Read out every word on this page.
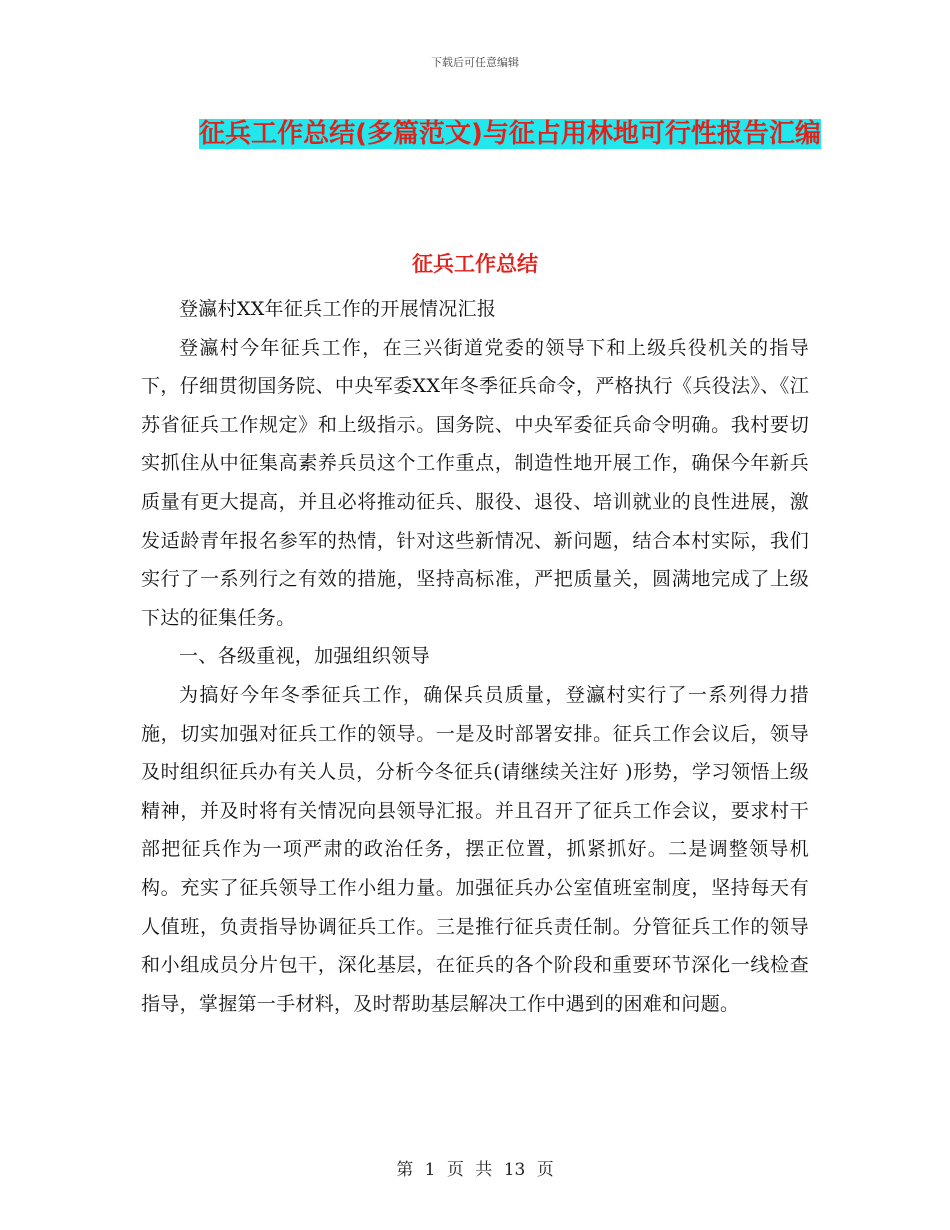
下载后可任意编辑
征兵工作总结(多篇范文)与征占用林地可行性报告汇编
征兵工作总结

登瀛村XX年征兵工作的开展情况汇报

登瀛村今年征兵工作，在三兴街道党委的领导下和上级兵役机关的指导下，仔细贯彻国务院、中央军委XX年冬季征兵命令，严格执行《兵役法》、《江苏省征兵工作规定》和上级指示。国务院、中央军委征兵命令明确。我村要切实抓住从中征集高素养兵员这个工作重点，制造性地开展工作，确保今年新兵质量有更大提高，并且必将推动征兵、服役、退役、培训就业的良性进展，激发适龄青年报名参军的热情，针对这些新情况、新问题，结合本村实际，我们实行了一系列行之有效的措施，坚持高标准，严把质量关，圆满地完成了上级下达的征集任务。

一、各级重视，加强组织领导

为搞好今年冬季征兵工作，确保兵员质量，登瀛村实行了一系列得力措施，切实加强对征兵工作的领导。一是及时部署安排。征兵工作会议后，领导及时组织征兵办有关人员，分析今冬征兵(请继续关注好 )形势，学习领悟上级精神，并及时将有关情况向县领导汇报。并且召开了征兵工作会议，要求村干部把征兵作为一项严肃的政治任务，摆正位置，抓紧抓好。二是调整领导机构。充实了征兵领导工作小组力量。加强征兵办公室值班室制度，坚持每天有人值班，负责指导协调征兵工作。三是推行征兵责任制。分管征兵工作的领导和小组成员分片包干，深化基层，在征兵的各个阶段和重要环节深化一线检查指导，掌握第一手材料，及时帮助基层解决工作中遇到的困难和问题。

第 1 页 共 13 页
